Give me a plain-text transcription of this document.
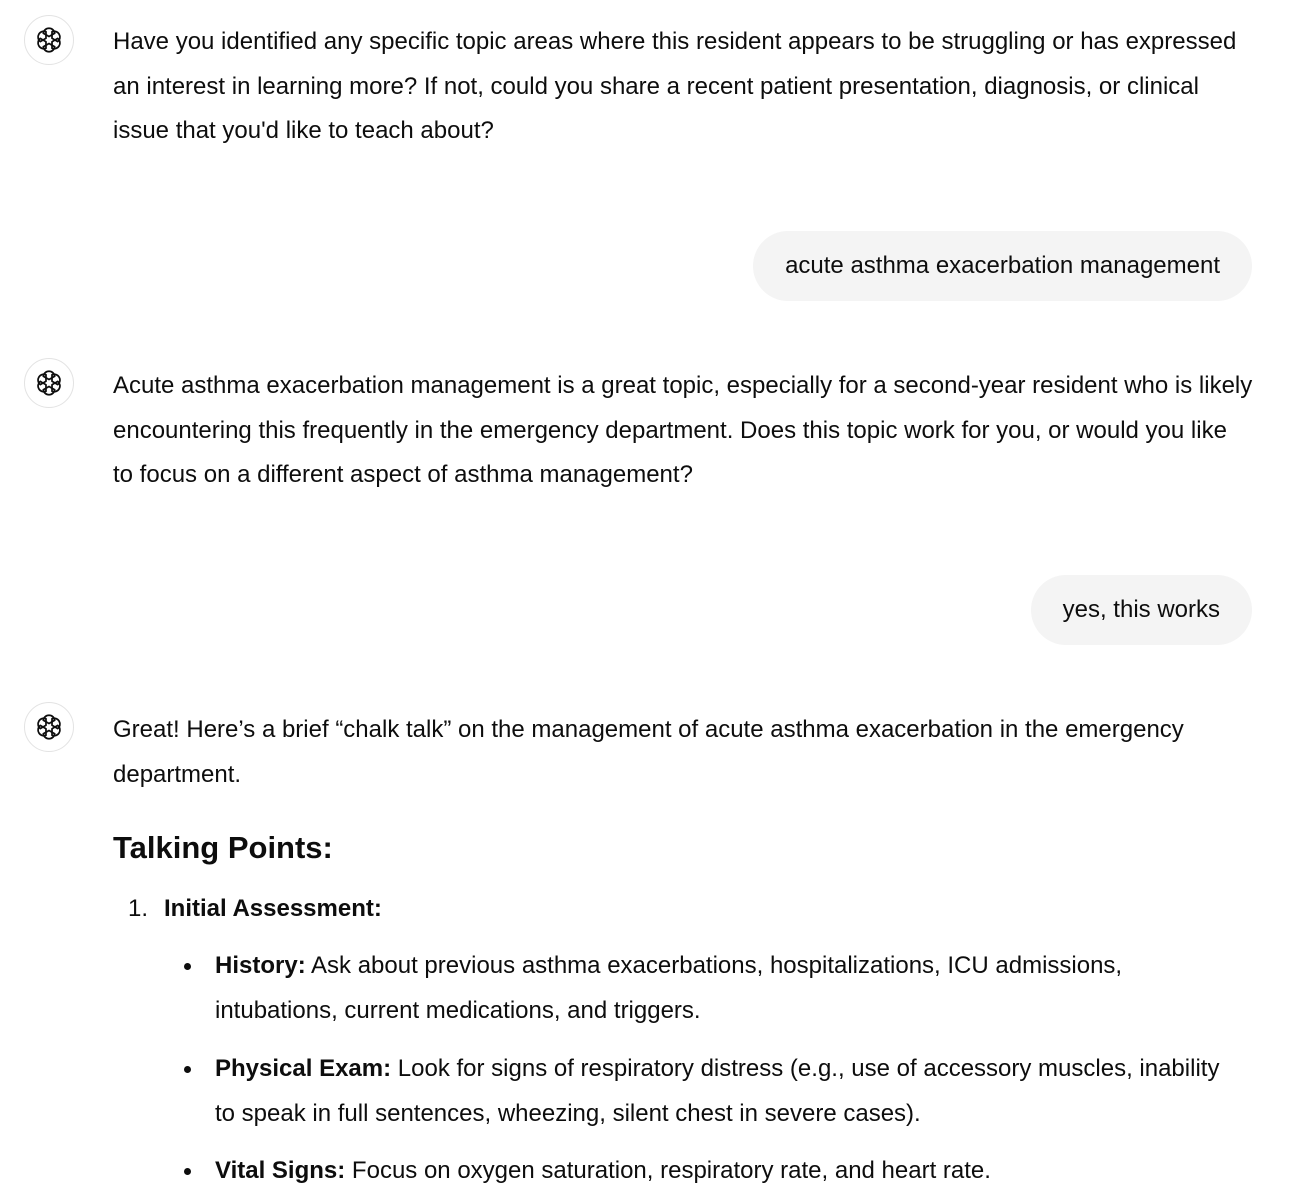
Have you identified any specific topic areas where this resident appears to be struggling or has expressed an interest in learning more? If not, could you share a recent patient presentation, diagnosis, or clinical issue that you'd like to teach about?

acute asthma exacerbation management

Acute asthma exacerbation management is a great topic, especially for a second-year resident who is likely encountering this frequently in the emergency department. Does this topic work for you, or would you like to focus on a different aspect of asthma management?

yes, this works

Great! Here’s a brief “chalk talk” on the management of acute asthma exacerbation in the emergency department.

Talking Points:
1. Initial Assessment:
History: Ask about previous asthma exacerbations, hospitalizations, ICU admissions, intubations, current medications, and triggers.
Physical Exam: Look for signs of respiratory distress (e.g., use of accessory muscles, inability to speak in full sentences, wheezing, silent chest in severe cases).
Vital Signs: Focus on oxygen saturation, respiratory rate, and heart rate.
